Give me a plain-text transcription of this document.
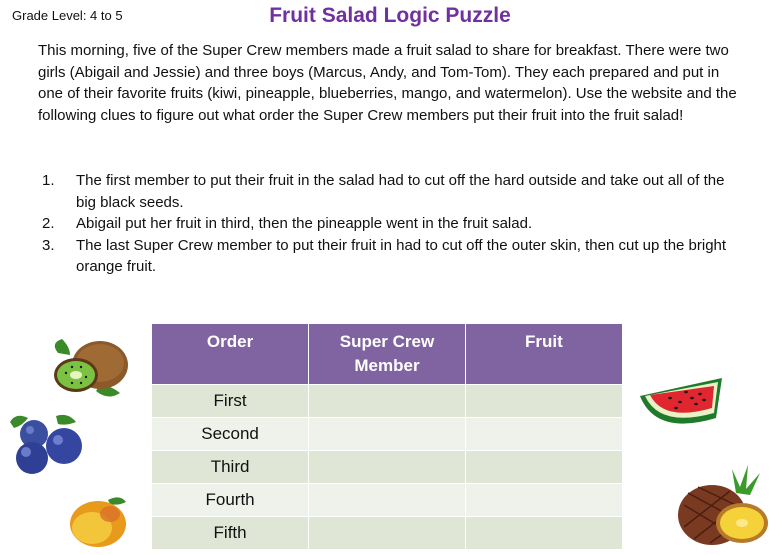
Grade Level: 4 to 5	Fruit Salad Logic Puzzle

This morning, five of the Super Crew members made a fruit salad to share for breakfast. There were two girls (Abigail and Jessie) and three boys (Marcus, Andy, and Tom-Tom). They each prepared and put in one of their favorite fruits (kiwi, pineapple, blueberries, mango, and watermelon). Use the website and the following clues to figure out what order the Super Crew members put their fruit into the fruit salad!

1. The first member to put their fruit in the salad had to cut off the hard outside and take out all of the big black seeds.
2. Abigail put her fruit in third, then the pineapple went in the fruit salad.
3. The last Super Crew member to put their fruit in had to cut off the outer skin, then cut up the bright orange fruit.
Order	Super Crew Member	Fruit
First		
Second		
Third		
Fourth		
Fifth		
